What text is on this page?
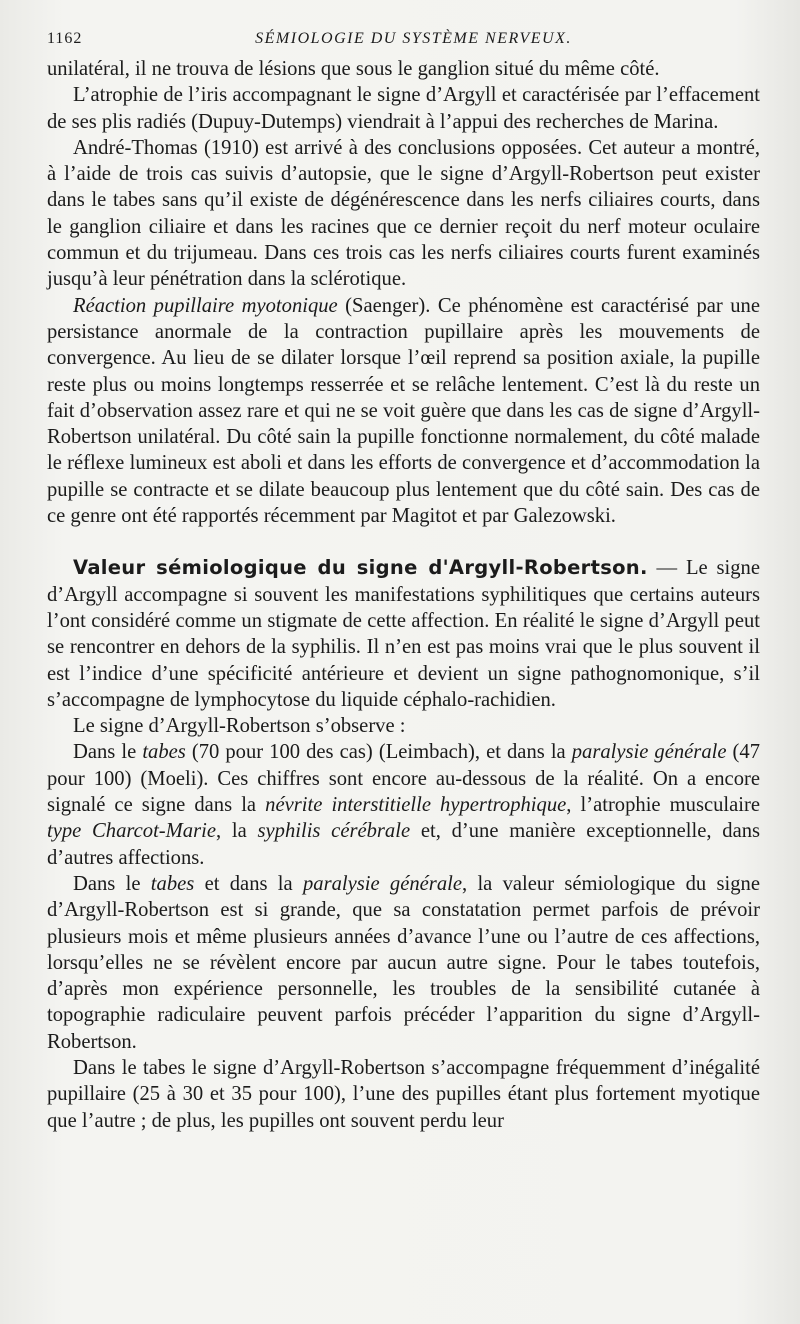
1162	SÉMIOLOGIE DU SYSTÈME NERVEUX.

unilatéral, il ne trouva de lésions que sous le ganglion situé du même côté.

L’atrophie de l’iris accompagnant le signe d’Argyll et caractérisée par l’effacement de ses plis radiés (Dupuy-Dutemps) viendrait à l’appui des recherches de Marina.

André-Thomas (1910) est arrivé à des conclusions opposées. Cet auteur a montré, à l’aide de trois cas suivis d’autopsie, que le signe d’Argyll-Robertson peut exister dans le tabes sans qu’il existe de dégénérescence dans les nerfs ciliaires courts, dans le ganglion ciliaire et dans les racines que ce dernier reçoit du nerf moteur oculaire commun et du trijumeau. Dans ces trois cas les nerfs ciliaires courts furent examinés jusqu’à leur pénétration dans la sclérotique.

Réaction pupillaire myotonique (Saenger). Ce phénomène est caractérisé par une persistance anormale de la contraction pupillaire après les mouvements de convergence. Au lieu de se dilater lorsque l’œil reprend sa position axiale, la pupille reste plus ou moins longtemps resserrée et se relâche lentement. C’est là du reste un fait d’observation assez rare et qui ne se voit guère que dans les cas de signe d’Argyll-Robertson unilatéral. Du côté sain la pupille fonctionne normalement, du côté malade le réflexe lumineux est aboli et dans les efforts de convergence et d’accommodation la pupille se contracte et se dilate beaucoup plus lentement que du côté sain. Des cas de ce genre ont été rapportés récemment par Magitot et par Galezowski.

Valeur sémiologique du signe d'Argyll-Robertson. — Le signe d’Argyll accompagne si souvent les manifestations syphilitiques que certains auteurs l’ont considéré comme un stigmate de cette affection. En réalité le signe d’Argyll peut se rencontrer en dehors de la syphilis. Il n’en est pas moins vrai que le plus souvent il est l’indice d’une spécificité antérieure et devient un signe pathognomonique, s’il s’accompagne de lymphocytose du liquide céphalo-rachidien.

Le signe d’Argyll-Robertson s’observe :

Dans le tabes (70 pour 100 des cas) (Leimbach), et dans la paralysie générale (47 pour 100) (Moeli). Ces chiffres sont encore au-dessous de la réalité. On a encore signalé ce signe dans la névrite interstitielle hypertrophique, l’atrophie musculaire type Charcot-Marie, la syphilis cérébrale et, d’une manière exceptionnelle, dans d’autres affections.

Dans le tabes et dans la paralysie générale, la valeur sémiologique du signe d’Argyll-Robertson est si grande, que sa constatation permet parfois de prévoir plusieurs mois et même plusieurs années d’avance l’une ou l’autre de ces affections, lorsqu’elles ne se révèlent encore par aucun autre signe. Pour le tabes toutefois, d’après mon expérience personnelle, les troubles de la sensibilité cutanée à topographie radiculaire peuvent parfois précéder l’apparition du signe d’Argyll-Robertson.

Dans le tabes le signe d’Argyll-Robertson s’accompagne fréquemment d’inégalité pupillaire (25 à 30 et 35 pour 100), l’une des pupilles étant plus fortement myotique que l’autre ; de plus, les pupilles ont souvent perdu leur
